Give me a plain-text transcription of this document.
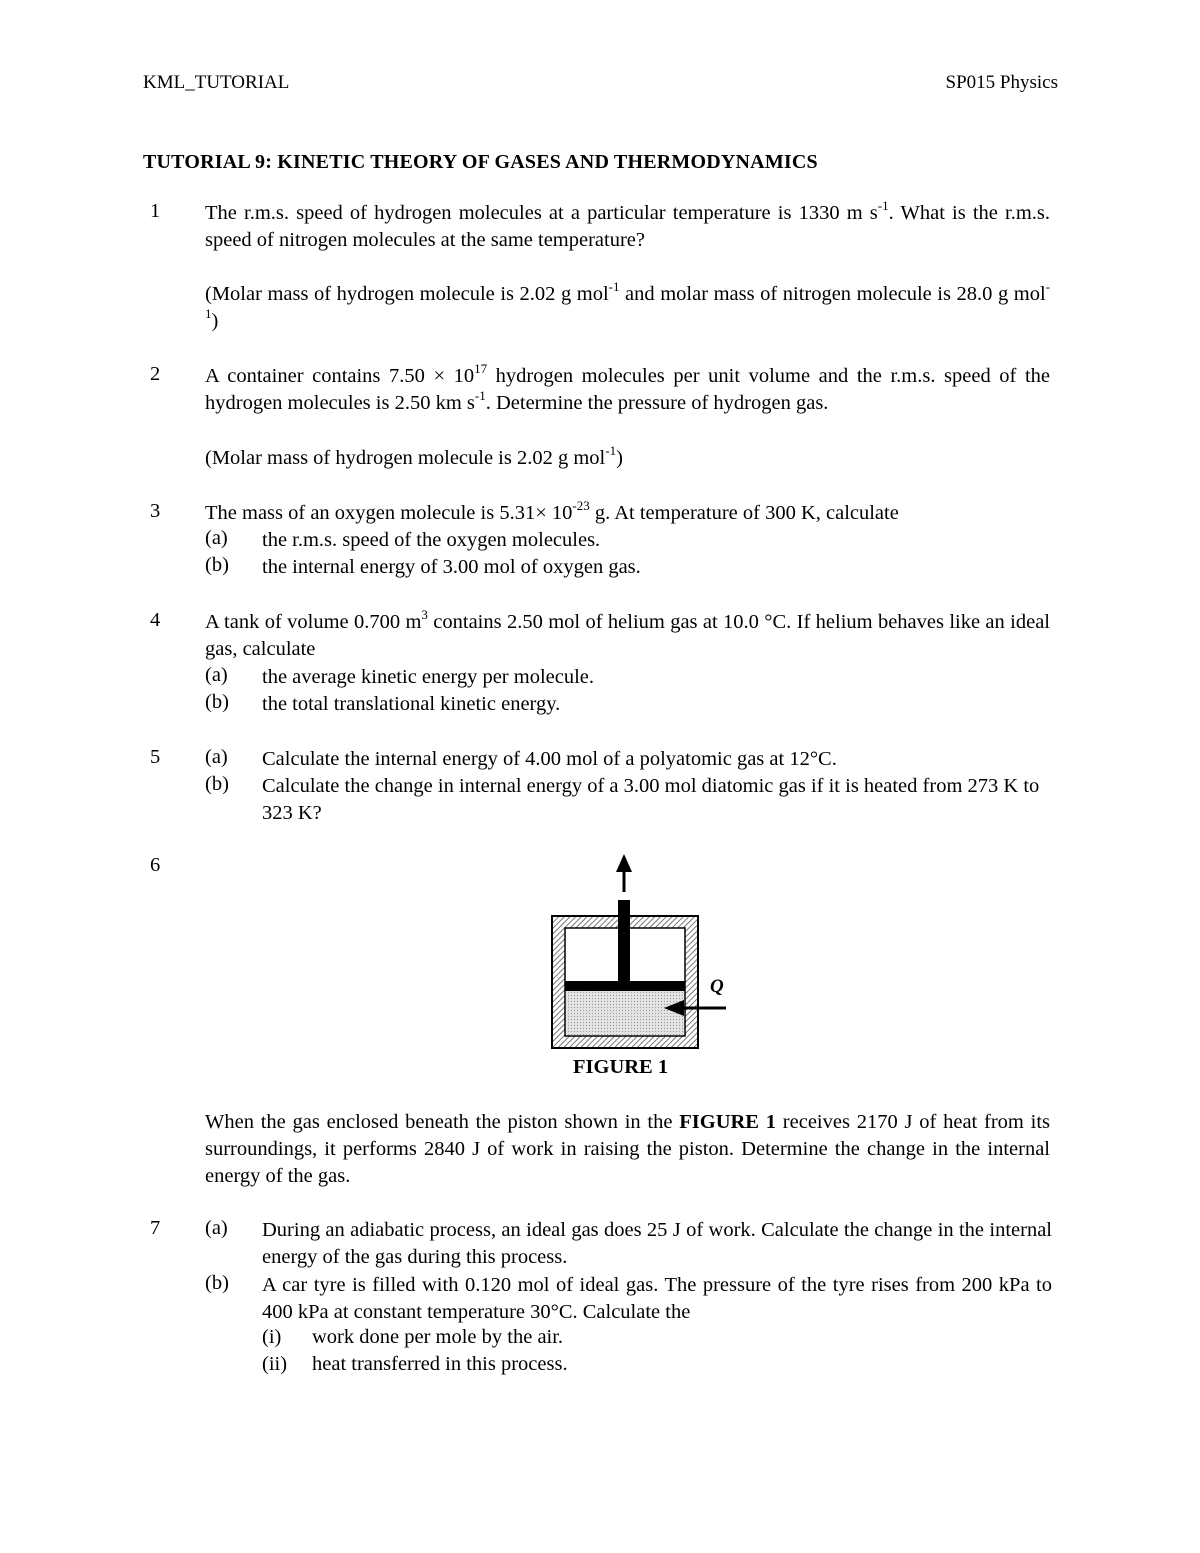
KML_TUTORIAL	SP015 Physics
TUTORIAL 9: KINETIC THEORY OF GASES AND THERMODYNAMICS
1 The r.m.s. speed of hydrogen molecules at a particular temperature is 1330 m $s^{-1}$. What is the r.m.s. speed of nitrogen molecules at the same temperature?
(Molar mass of hydrogen molecule is 2.02 g mol$^{-1}$ and molar mass of nitrogen molecule is 28.0 g mol$^{-1}$)
2 A container contains $7.50 \times 10^{17}$ hydrogen molecules per unit volume and the r.m.s. speed of the hydrogen molecules is 2.50 km $s^{-1}$. Determine the pressure of hydrogen gas.
(Molar mass of hydrogen molecule is 2.02 g mol$^{-1}$)
3 The mass of an oxygen molecule is $5.31\times 10^{-23}$ g. At temperature of 300 K, calculate
(a) the r.m.s. speed of the oxygen molecules.
(b) the internal energy of 3.00 mol of oxygen gas.
4 A tank of volume 0.700 $m^3$ contains 2.50 mol of helium gas at 10.0 °C. If helium behaves like an ideal gas, calculate
(a) the average kinetic energy per molecule.
(b) the total translational kinetic energy.
5 (a) Calculate the internal energy of 4.00 mol of a polyatomic gas at 12°C.
(b) Calculate the change in internal energy of a 3.00 mol diatomic gas if it is heated from 273 K to 323 K?
6
Q
FIGURE 1
When the gas enclosed beneath the piston shown in the FIGURE 1 receives 2170 J of heat from its surroundings, it performs 2840 J of work in raising the piston. Determine the change in the internal energy of the gas.
7 (a) During an adiabatic process, an ideal gas does 25 J of work. Calculate the change in the internal energy of the gas during this process.
(b) A car tyre is filled with 0.120 mol of ideal gas. The pressure of the tyre rises from 200 kPa to 400 kPa at constant temperature 30°C. Calculate the
(i) work done per mole by the air.
(ii) heat transferred in this process.
